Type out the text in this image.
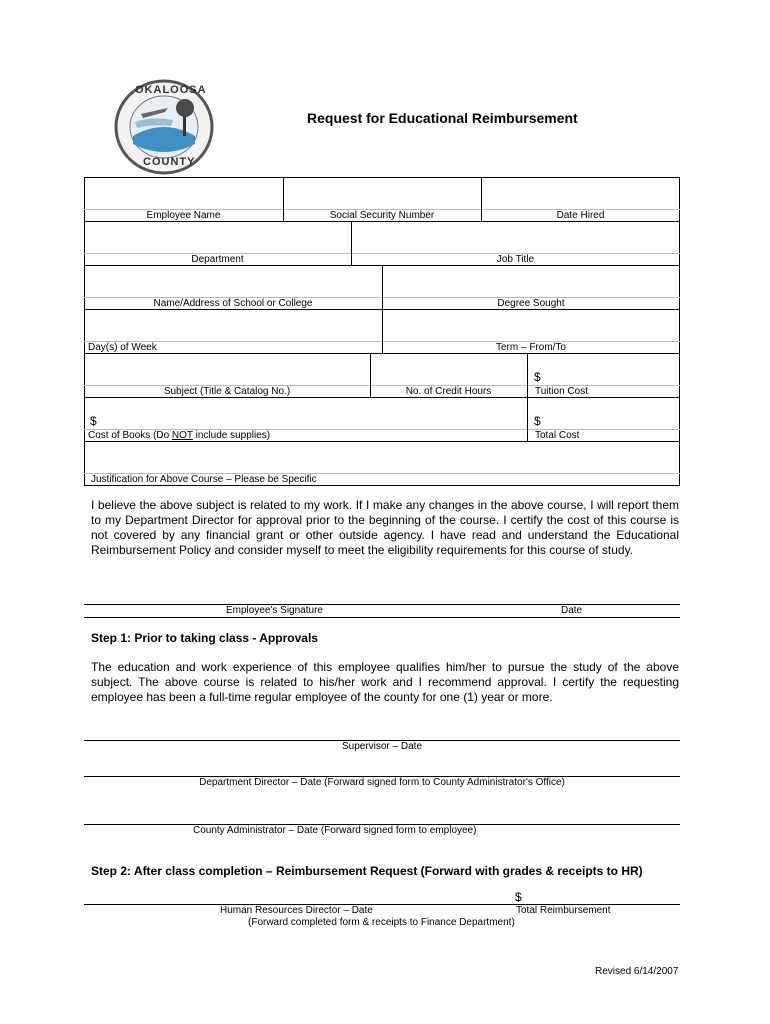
OKALOOSA
COUNTY
Request for Educational Reimbursement
Employee Name	Social Security Number	Date Hired
Department	Job Title
Name/Address of School or College	Degree Sought
Day(s) of Week	Term – From/To
$
Subject (Title & Catalog No.)	No. of Credit Hours	Tuition Cost
$	$
Cost of Books (Do NOT include supplies)	Total Cost
Justification for Above Course – Please be Specific
I believe the above subject is related to my work. If I make any changes in the above course, I will report them to my Department Director for approval prior to the beginning of the course. I certify the cost of this course is not covered by any financial grant or other outside agency. I have read and understand the Educational Reimbursement Policy and consider myself to meet the eligibility requirements for this course of study.
Employee's Signature	Date
Step 1: Prior to taking class - Approvals
The education and work experience of this employee qualifies him/her to pursue the study of the above subject. The above course is related to his/her work and I recommend approval. I certify the requesting employee has been a full-time regular employee of the county for one (1) year or more.
Supervisor – Date
Department Director – Date (Forward signed form to County Administrator's Office)
County Administrator – Date (Forward signed form to employee)
Step 2: After class completion – Reimbursement Request (Forward with grades & receipts to HR)
$
Human Resources Director – Date	Total Reimbursement
(Forward completed form & receipts to Finance Department)
Revised 6/14/2007
